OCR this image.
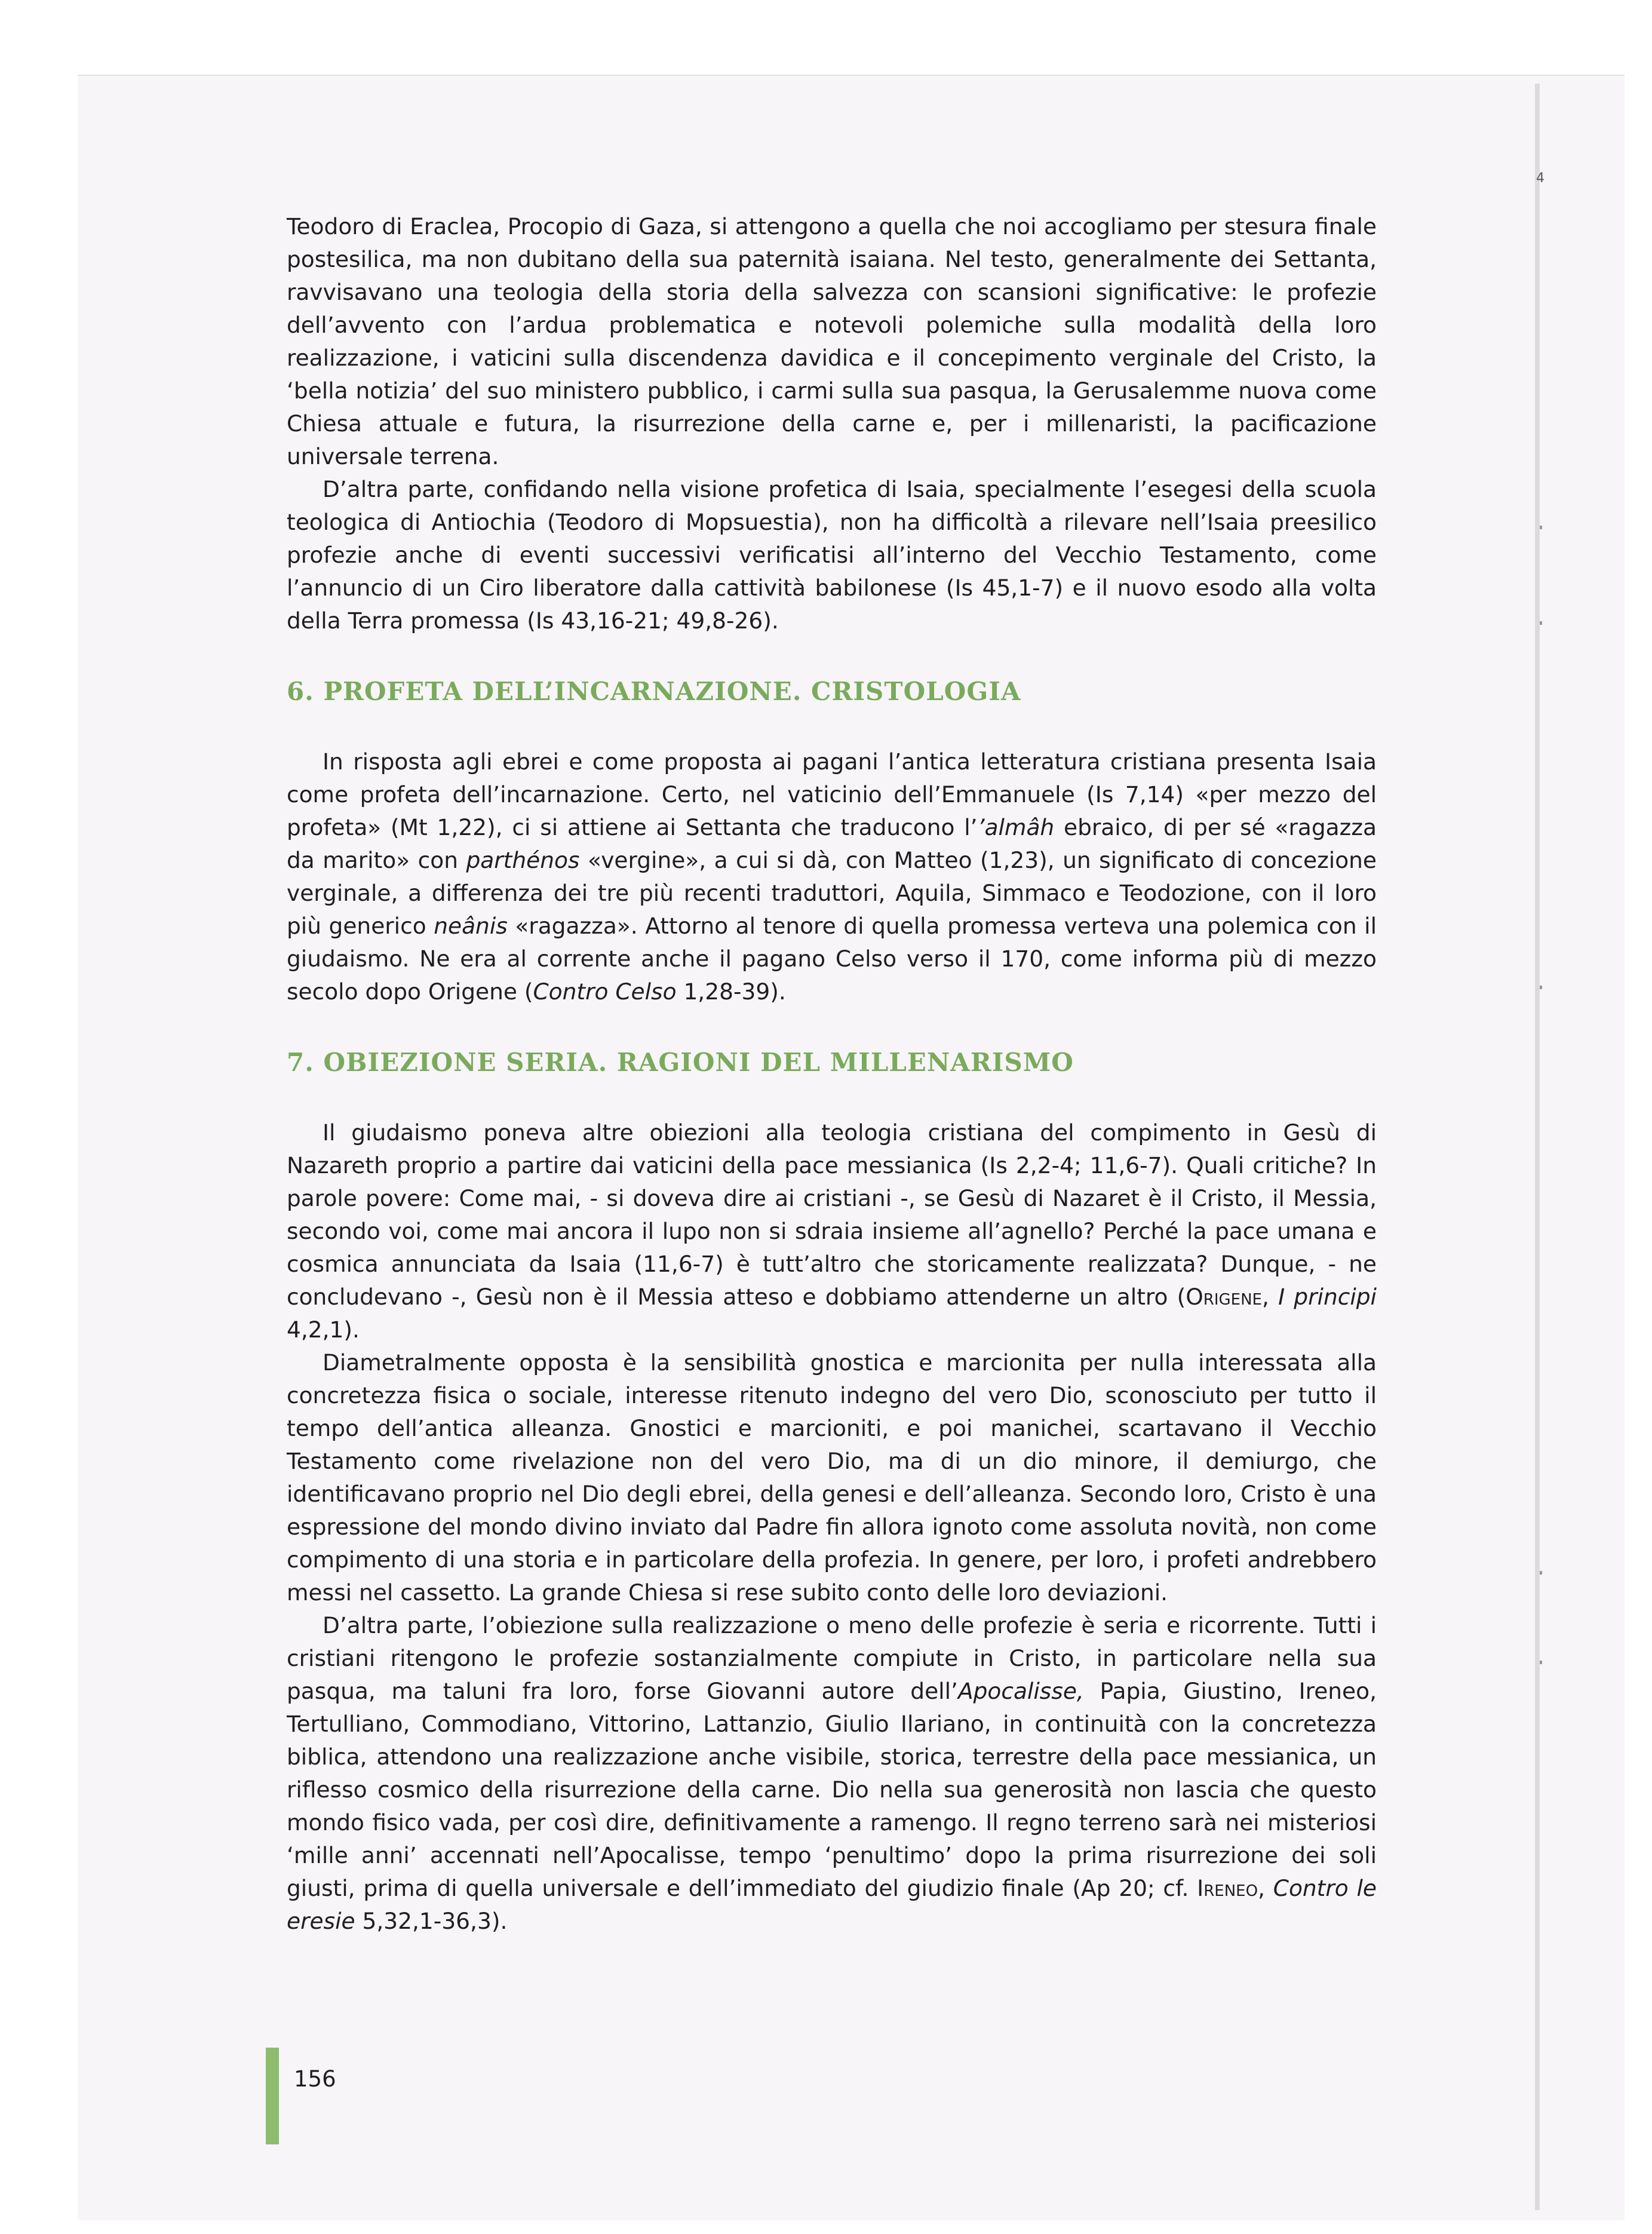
4

Teodoro di Eraclea, Procopio di Gaza, si attengono a quella che noi accogliamo per stesura finale postesilica, ma non dubitano della sua paternità isaiana. Nel testo, generalmente dei Settanta, ravvisavano una teologia della storia della salvezza con scansioni significative: le profezie dell’avvento con l’ardua problematica e notevoli polemiche sulla modalità della loro realizzazione, i vaticini sulla discendenza davidica e il concepimento verginale del Cristo, la ‘bella notizia’ del suo ministero pubblico, i carmi sulla sua pasqua, la Gerusalemme nuova come Chiesa attuale e futura, la risurrezione della carne e, per i millenaristi, la pacificazione universale terrena.

D’altra parte, confidando nella visione profetica di Isaia, specialmente l’esegesi della scuola teologica di Antiochia (Teodoro di Mopsuestia), non ha difficoltà a rilevare nell’Isaia preesilico profezie anche di eventi successivi verificatisi all’interno del Vecchio Testamento, come l’annuncio di un Ciro liberatore dalla cattività babilonese (Is 45,1-7) e il nuovo esodo alla volta della Terra promessa (Is 43,16-21; 49,8-26).

6. PROFETA DELL’INCARNAZIONE. CRISTOLOGIA

In risposta agli ebrei e come proposta ai pagani l’antica letteratura cristiana presenta Isaia come profeta dell’incarnazione. Certo, nel vaticinio dell’Emmanuele (Is 7,14) «per mezzo del profeta» (Mt 1,22), ci si attiene ai Settanta che traducono l’’almâh ebraico, di per sé «ragazza da marito» con parthénos «vergine», a cui si dà, con Matteo (1,23), un significato di concezione verginale, a differenza dei tre più recenti traduttori, Aquila, Simmaco e Teodozione, con il loro più generico neânis «ragazza». Attorno al tenore di quella promessa verteva una polemica con il giudaismo. Ne era al corrente anche il pagano Celso verso il 170, come informa più di mezzo secolo dopo Origene (Contro Celso 1,28-39).

7. OBIEZIONE SERIA. RAGIONI DEL MILLENARISMO

Il giudaismo poneva altre obiezioni alla teologia cristiana del compimento in Gesù di Nazareth proprio a partire dai vaticini della pace messianica (Is 2,2-4; 11,6-7). Quali critiche? In parole povere: Come mai, - si doveva dire ai cristiani -, se Gesù di Nazaret è il Cristo, il Messia, secondo voi, come mai ancora il lupo non si sdraia insieme all’agnello? Perché la pace umana e cosmica annunciata da Isaia (11,6-7) è tutt’altro che storicamente realizzata? Dunque, - ne concludevano -, Gesù non è il Messia atteso e dobbiamo attenderne un altro (Origene, I principi 4,2,1).

Diametralmente opposta è la sensibilità gnostica e marcionita per nulla interessata alla concretezza fisica o sociale, interesse ritenuto indegno del vero Dio, sconosciuto per tutto il tempo dell’antica alleanza. Gnostici e marcioniti, e poi manichei, scartavano il Vecchio Testamento come rivelazione non del vero Dio, ma di un dio minore, il demiurgo, che identificavano proprio nel Dio degli ebrei, della genesi e dell’alleanza. Secondo loro, Cristo è una espressione del mondo divino inviato dal Padre fin allora ignoto come assoluta novità, non come compimento di una storia e in particolare della profezia. In genere, per loro, i profeti andrebbero messi nel cassetto. La grande Chiesa si rese subito conto delle loro deviazioni.

D’altra parte, l’obiezione sulla realizzazione o meno delle profezie è seria e ricorrente. Tutti i cristiani ritengono le profezie sostanzialmente compiute in Cristo, in particolare nella sua pasqua, ma taluni fra loro, forse Giovanni autore dell’Apocalisse, Papia, Giustino, Ireneo, Tertulliano, Commodiano, Vittorino, Lattanzio, Giulio Ilariano, in continuità con la concretezza biblica, attendono una realizzazione anche visibile, storica, terrestre della pace messianica, un riflesso cosmico della risurrezione della carne. Dio nella sua generosità non lascia che questo mondo fisico vada, per così dire, definitivamente a ramengo. Il regno terreno sarà nei misteriosi ‘mille anni’ accennati nell’Apocalisse, tempo ‘penultimo’ dopo la prima risurrezione dei soli giusti, prima di quella universale e dell’immediato del giudizio finale (Ap 20; cf. Ireneo, Contro le eresie 5,32,1-36,3).

156
